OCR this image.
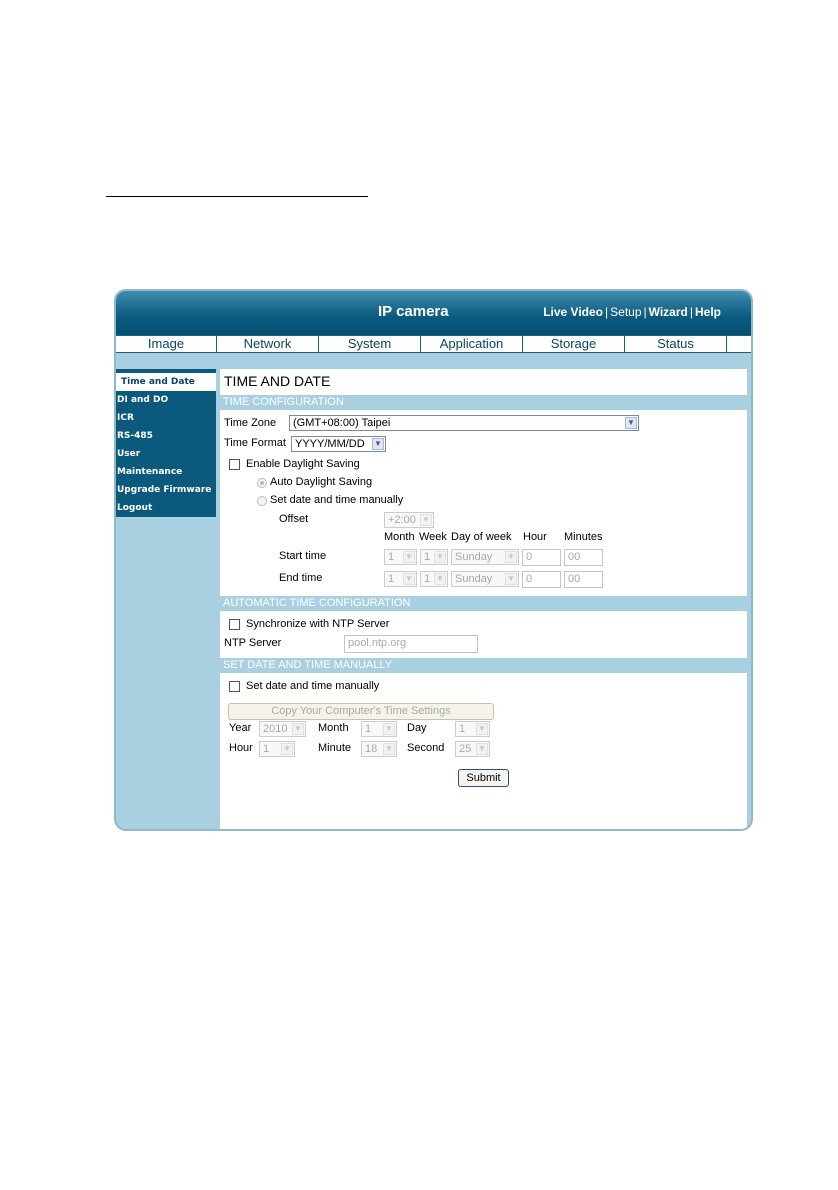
IP camera	Live Video | Setup | Wizard | Help
Image	Network	System	Application	Storage	Status
Time and Date
DI and DO
ICR
RS-485
User
Maintenance
Upgrade Firmware
Logout
TIME AND DATE
TIME CONFIGURATION
Time Zone	(GMT+08:00) Taipei	▼
Time Format YYYY/MM/DD ▼
Enable Daylight Saving
Auto Daylight Saving
Set date and time manually
Offset	+2:00 ▼
Month Week Day of week Hour Minutes
Start time	1 ▼	1 ▼	Sunday ▼	0	00
End time	1 ▼	1 ▼	Sunday ▼	0	00
AUTOMATIC TIME CONFIGURATION
Synchronize with NTP Server
NTP Server	pool.ntp.org
SET DATE AND TIME MANUALLY
Set date and time manually
Copy Your Computer's Time Settings
Year	2010 ▼ Month	1 ▼ Day	1 ▼
Hour 1 ▼ Minute	18 ▼ Second	25 ▼
Submit
